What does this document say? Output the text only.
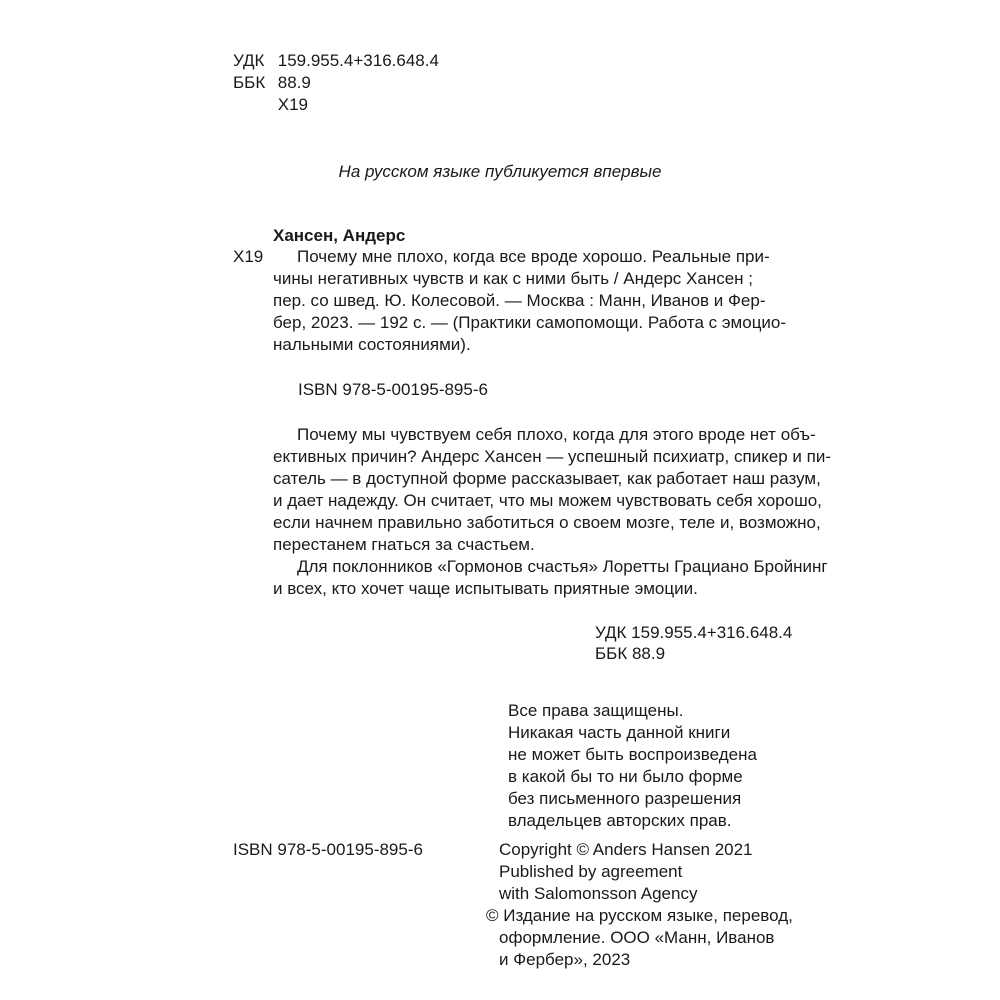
УДК 159.955.4+316.648.4
ББК 88.9
Х19
На русском языке публикуется впервые
Хансен, Андерс
Х19	Почему мне плохо, когда все вроде хорошо. Реальные при-
чины негативных чувств и как с ними быть / Андерс Хансен ;
пер. со швед. Ю. Колесовой. — Москва : Манн, Иванов и Фер-
бер, 2023. — 192 с. — (Практики самопомощи. Работа с эмоцио-
нальными состояниями).
ISBN 978-5-00195-895-6
Почему мы чувствуем себя плохо, когда для этого вроде нет объ-
ективных причин? Андерс Хансен — успешный психиатр, спикер и пи-
сатель — в доступной форме рассказывает, как работает наш разум,
и дает надежду. Он считает, что мы можем чувствовать себя хорошо,
если начнем правильно заботиться о своем мозге, теле и, возможно,
перестанем гнаться за счастьем.
Для поклонников «Гормонов счастья» Лоретты Грациано Бройнинг
и всех, кто хочет чаще испытывать приятные эмоции.
УДК 159.955.4+316.648.4
ББК 88.9
Все права защищены.
Никакая часть данной книги
не может быть воспроизведена
в какой бы то ни было форме
без письменного разрешения
владельцев авторских прав.
ISBN 978-5-00195-895-6	Copyright © Anders Hansen 2021
Published by agreement
with Salomonsson Agency
© Издание на русском языке, перевод,
оформление. ООО «Манн, Иванов
и Фербер», 2023
